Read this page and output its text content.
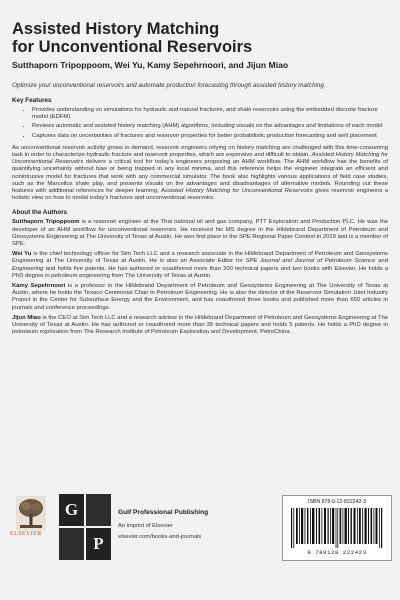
Assisted History Matching
for Unconventional Reservoirs
Sutthaporn Tripoppoom, Wei Yu, Kamy Sepehrnoori, and Jijun Miao
Optimize your unconventional reservoirs and automate production forecasting through assisted history matching
Key Features
• Provides understanding on simulations for hydraulic and natural fractures, and shale reservoirs using the embedded discrete fracture model (EDFM)
• Reviews automatic and assisted history matching (AHM) algorithms, including visuals on the advantages and limitations of each model
• Captures data on uncertainties of fractures and reservoir properties for better probabilistic production forecasting and well placement

As unconventional reservoir activity grows in demand, reservoir engineers relying on history matching are challenged with this time-consuming task in order to characterize hydraulic fracture and reservoir properties, which are expensive and difficult to obtain. Assisted History Matching for Unconventional Reservoirs delivers a critical tool for today's engineers proposing an AHM workflow. The AHM workflow has the benefits of quantifying uncertainty without bias or being trapped in any local minima, and this reference helps the engineer integrate an efficient and nonintrusive model for fractures that work with any commercial simulator. The book also highlights various applications of field case studies, such as the Marcellus shale play, and presents visuals on the advantages and disadvantages of alternative models. Rounding out these features with additional references for deeper learning, Assisted History Matching for Unconventional Reservoirs gives reservoir engineers a holistic view on how to model today's fractures and unconventional reservoirs.

About the Authors

Sutthaporn Tripoppoom is a reservoir engineer at the Thai national oil and gas company, PTT Exploration and Production PLC. He was the developer of an AHM workflow for unconventional reservoirs. He received his MS degree in the Hildebrand Department of Petroleum and Geosystems Engineering at The University of Texas at Austin. He won first place in the SPE Regional Paper Contest in 2019 and is a member of SPE.

Wei Yu is the chief technology officer for Sim Tech LLC and a research associate in the Hildebrand Department of Petroleum and Geosystems Engineering at The University of Texas at Austin. He is also an Associate Editor for SPE Journal and Journal of Petroleum Science and Engineering and holds five patents. He has authored or coauthored more than 200 technical papers and two books with Elsevier. He holds a PhD degree in petroleum engineering from The University of Texas at Austin.

Kamy Sepehrnoori is a professor in the Hildebrand Department of Petroleum and Geosystems Engineering at The University of Texas at Austin, where he holds the Texaco Centennial Chair in Petroleum Engineering. He is also the director of the Reservoir Simulation Joint Industry Project in the Center for Subsurface Energy and the Environment, and has coauthored three books and published more than 650 articles in journals and conference proceedings.

Jijun Miao is the CEO at Sim Tech LLC and a research advisor in the Hildebrand Department of Petroleum and Geosystems Engineering at The University of Texas at Austin. He has authored or coauthored more than 35 technical papers and holds 5 patents. He holds a PhD degree in petroleum exploration from The Research Institute of Petroleum Exploration and Development, PetroChina.

ELSEVIER
G
P
Gulf Professional Publishing
An imprint of Elsevier
elsevier.com/books-and-journals
ISBN 978-0-12-822242-3
9 780128 222423
